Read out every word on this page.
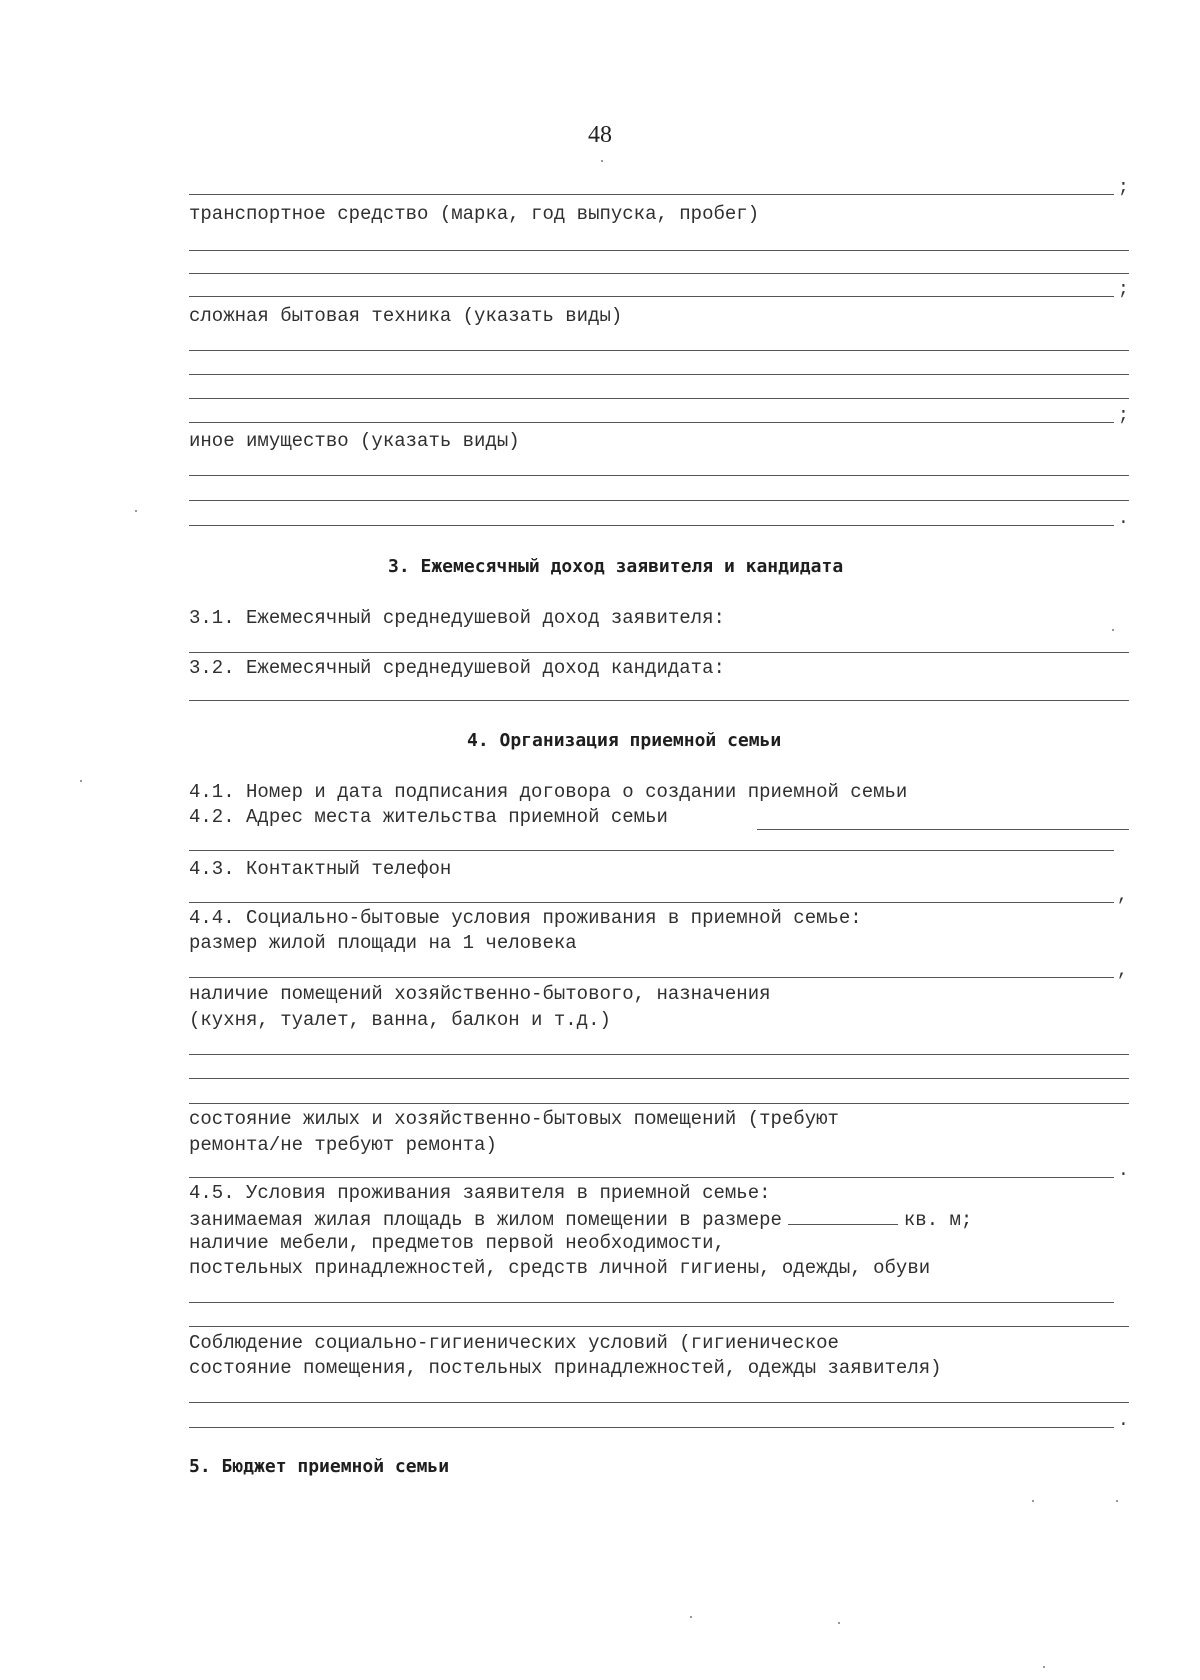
48
;
транспортное средство (марка, год выпуска, пробег)
;
сложная бытовая техника (указать виды)
;
иное имущество (указать виды)
.
3. Ежемесячный доход заявителя и кандидата
3.1. Ежемесячный среднедушевой доход заявителя:
3.2. Ежемесячный среднедушевой доход кандидата:
4. Организация приемной семьи
4.1. Номер и дата подписания договора о создании приемной семьи
4.2. Адрес места жительства приемной семьи
4.3. Контактный телефон
,
4.4. Социально-бытовые условия проживания в приемной семье:
размер жилой площади на 1 человека
,
наличие помещений хозяйственно-бытового, назначения
(кухня, туалет, ванна, балкон и т.д.)
состояние жилых и хозяйственно-бытовых помещений (требуют
ремонта/не требуют ремонта)
.
4.5. Условия проживания заявителя в приемной семье:
занимаемая жилая площадь в жилом помещении в размере	кв. м;
наличие мебели, предметов первой необходимости,
постельных принадлежностей, средств личной гигиены, одежды, обуви
Соблюдение социально-гигиенических условий (гигиеническое
состояние помещения, постельных принадлежностей, одежды заявителя)
.
5. Бюджет приемной семьи
